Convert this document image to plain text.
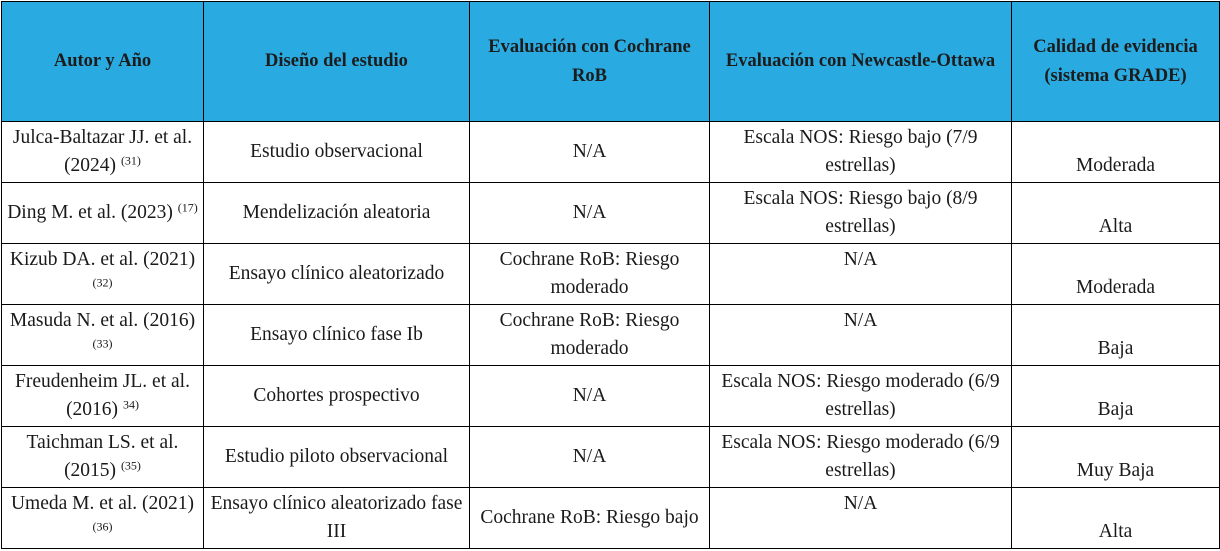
Autor y Año	Diseño del estudio	Evaluación con Cochrane RoB	Evaluación con Newcastle-Ottawa	Calidad de evidencia (sistema GRADE)
Julca-Baltazar JJ. et al. (2024) $^{(31)}$	Estudio observacional	N/A	Escala NOS: Riesgo bajo (7/9 estrellas)	Moderada
Ding M. et al. (2023) $^{(17)}$	Mendelización aleatoria	N/A	Escala NOS: Riesgo bajo (8/9 estrellas)	Alta
Kizub DA. et al. (2021) $^{(32)}$	Ensayo clínico aleatorizado	Cochrane RoB: Riesgo moderado	N/A	Moderada
Masuda N. et al. (2016) $^{(33)}$	Ensayo clínico fase Ib	Cochrane RoB: Riesgo moderado	N/A	Baja
Freudenheim JL. et al. (2016) $^{34)}$	Cohortes prospectivo	N/A	Escala NOS: Riesgo moderado (6/9 estrellas)	Baja
Taichman LS. et al. (2015) $^{(35)}$	Estudio piloto observacional	N/A	Escala NOS: Riesgo moderado (6/9 estrellas)	Muy Baja
Umeda M. et al. (2021) $^{(36)}$	Ensayo clínico aleatorizado fase III	Cochrane RoB: Riesgo bajo	N/A	Alta
